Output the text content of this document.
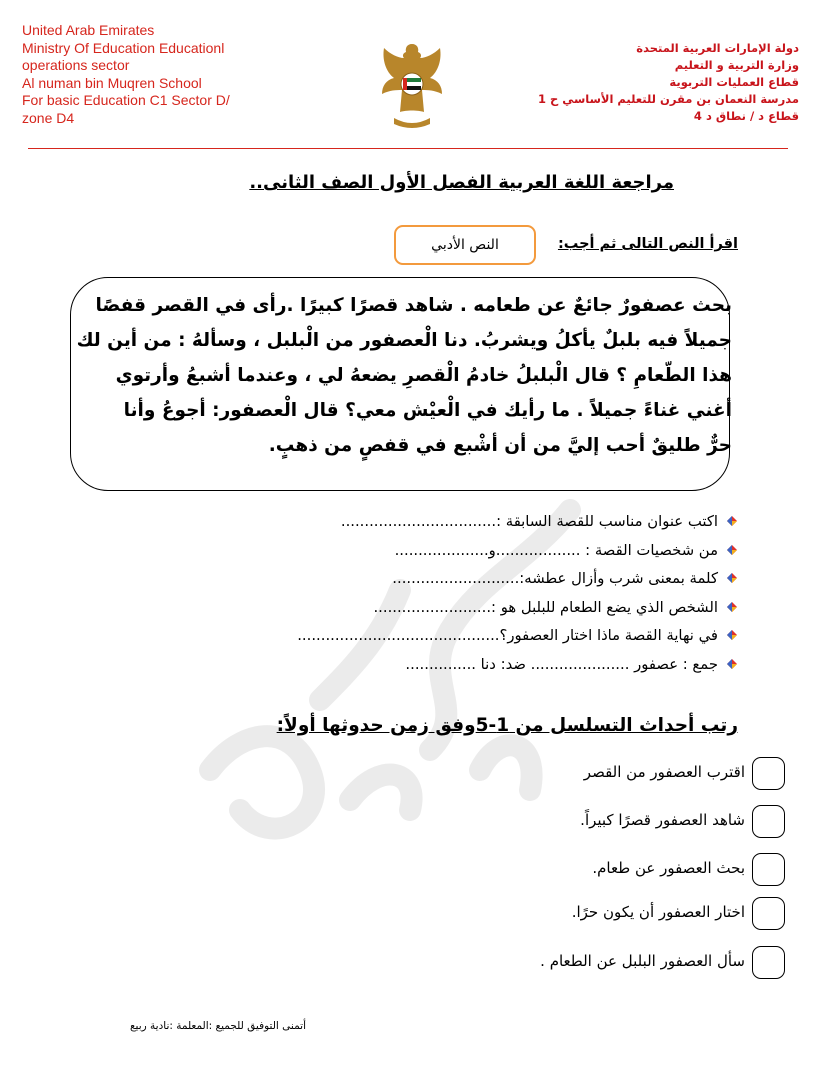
United Arab Emirates
Ministry Of Education Educationl
operations sector
Al numan bin Muqren School
For basic Education C1 Sector D/
zone D4
دولة الإمارات العربية المتحدة
وزارة التربية و التعليم
قطاع العمليات التربوية
مدرسة النعمان بن مقرن للتعليم الأساسي ح 1
قطاع د / نطاق د 4
مراجعة اللغة العربية الفصل الأول الصف الثانى..
اقرأ النص التالى ثم أجب:
النص الأدبي
بحث عصفورٌ جائعٌ عن طعامه . شاهد قصرًا كبيرًا .رأى في القصر قفصًا
جميلاً فيه بلبلٌ يأكلُ ويشربُ. دنا الْعصفور من الْبلبل ، وسألهُ : من أين لك
هذا الطّعامِ ؟ قال الْبلبلُ خادمُ الْقصرِ يضعهُ لي ، وعندما أشبعُ وأرتوي
أغني غناءً جميلاً . ما رأيك في الْعيْش معي؟ قال الْعصفور: أجوعُ وأنا
حرٌّ طليقٌ أحب إليَّ من أن أشْبع في قفصٍ من ذهبٍ.
اكتب عنوان مناسب للقصة السابقة :.................................
من شخصيات القصة : ..................و....................
كلمة بمعنى شرب وأزال عطشه:...........................
الشخص الذي يضع الطعام للبلبل هو :.........................
في نهاية القصة ماذا اختار العصفور؟...........................................
جمع : عصفور ..................... ضد: دنا ...............
رتب أحداث التسلسل من 1-5وفق زمن حدوثها أولاً:
اقترب العصفور من القصر
شاهد العصفور قصرًا كبيراً.
بحث العصفور عن طعام.
اختار العصفور أن يكون حرًا.
سأل العصفور البلبل عن الطعام .
أتمنى التوفيق للجميع :المعلمة :نادية ربيع
